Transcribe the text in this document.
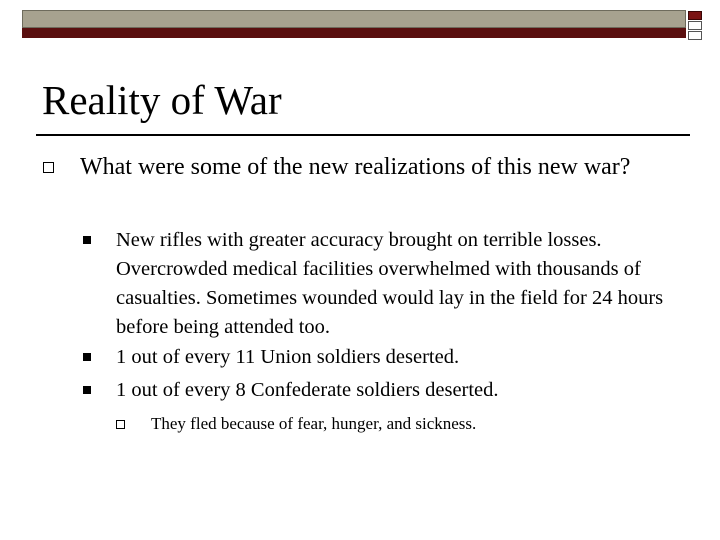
Reality of War
What were some of the new realizations of this new war?
New rifles with greater accuracy brought on terrible losses. Overcrowded medical facilities overwhelmed with thousands of casualties. Sometimes wounded would lay in the field for 24 hours before being attended too.
1 out of every 11 Union soldiers deserted.
1 out of every 8 Confederate soldiers deserted.
They fled because of fear, hunger, and sickness.
